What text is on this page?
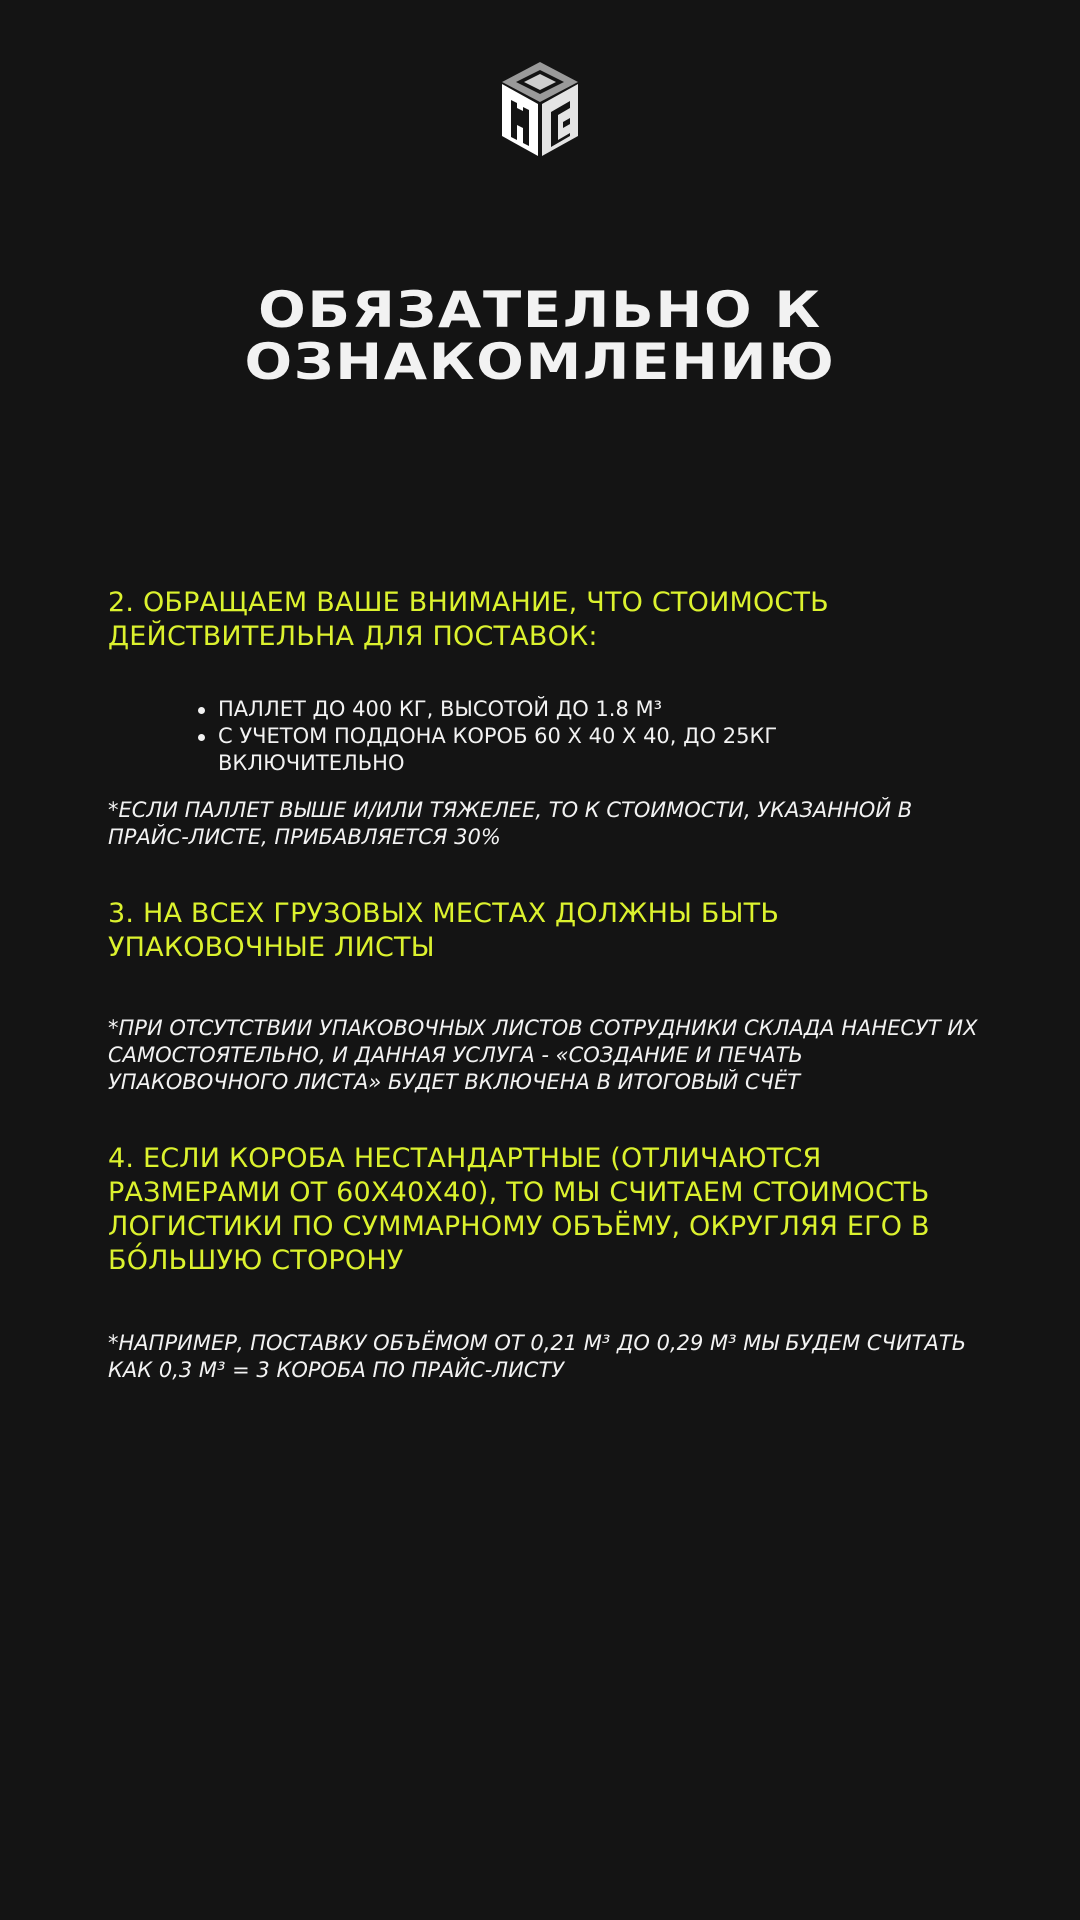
ОБЯЗАТЕЛЬНО К
ОЗНАКОМЛЕНИЮ

2. ОБРАЩАЕМ ВАШЕ ВНИМАНИЕ, ЧТО СТОИМОСТЬ ДЕЙСТВИТЕЛЬНА ДЛЯ ПОСТАВОК:

ПАЛЛЕТ ДО 400 КГ, ВЫСОТОЙ ДО 1.8 М³
С УЧЕТОМ ПОДДОНА КОРОБ 60 Х 40 Х 40, ДО 25КГ ВКЛЮЧИТЕЛЬНО

*ЕСЛИ ПАЛЛЕТ ВЫШЕ И/ИЛИ ТЯЖЕЛЕЕ, ТО К СТОИМОСТИ, УКАЗАННОЙ В ПРАЙС-ЛИСТЕ, ПРИБАВЛЯЕТСЯ 30%

3. НА ВСЕХ ГРУЗОВЫХ МЕСТАХ ДОЛЖНЫ БЫТЬ УПАКОВОЧНЫЕ ЛИСТЫ

*ПРИ ОТСУТСТВИИ УПАКОВОЧНЫХ ЛИСТОВ СОТРУДНИКИ СКЛАДА НАНЕСУТ ИХ САМОСТОЯТЕЛЬНО, И ДАННАЯ УСЛУГА - «СОЗДАНИЕ И ПЕЧАТЬ УПАКОВОЧНОГО ЛИСТА» БУДЕТ ВКЛЮЧЕНА В ИТОГОВЫЙ СЧЁТ

4. ЕСЛИ КОРОБА НЕСТАНДАРТНЫЕ (ОТЛИЧАЮТСЯ РАЗМЕРАМИ ОТ 60Х40Х40), ТО МЫ СЧИТАЕМ СТОИМОСТЬ ЛОГИСТИКИ ПО СУММАРНОМУ ОБЪЁМУ, ОКРУГЛЯЯ ЕГО В БО́ЛЬШУЮ СТОРОНУ

*НАПРИМЕР, ПОСТАВКУ ОБЪЁМОМ ОТ 0,21 М³ ДО 0,29 М³ МЫ БУДЕМ СЧИТАТЬ КАК 0,3 М³ = 3 КОРОБА ПО ПРАЙС-ЛИСТУ
